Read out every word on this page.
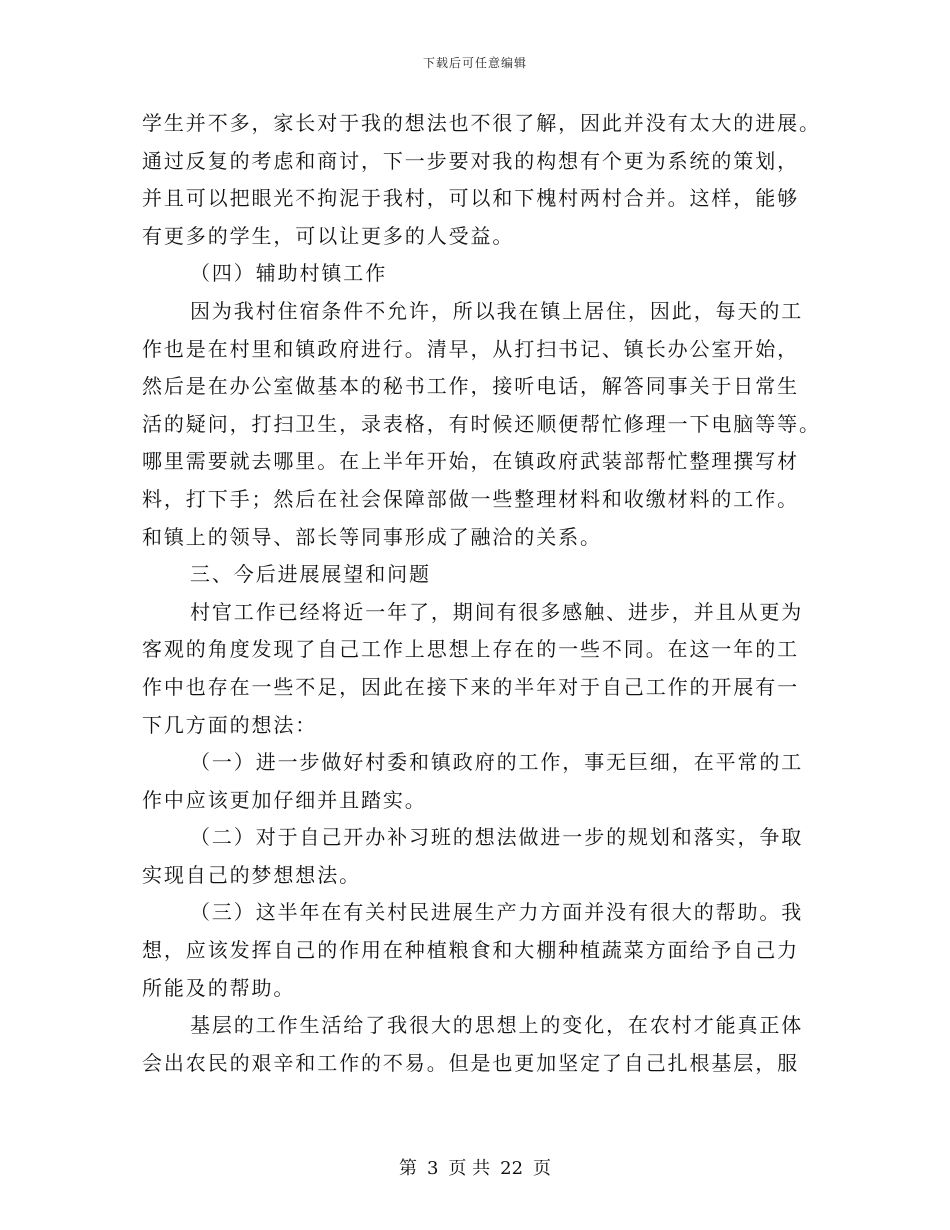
下载后可任意编辑
学生并不多，家长对于我的想法也不很了解，因此并没有太大的进展。
通过反复的考虑和商讨，下一步要对我的构想有个更为系统的策划，
并且可以把眼光不拘泥于我村，可以和下槐村两村合并。这样，能够
有更多的学生，可以让更多的人受益。
（四）辅助村镇工作
因为我村住宿条件不允许，所以我在镇上居住，因此，每天的工
作也是在村里和镇政府进行。清早，从打扫书记、镇长办公室开始，
然后是在办公室做基本的秘书工作，接听电话，解答同事关于日常生
活的疑问，打扫卫生，录表格，有时候还顺便帮忙修理一下电脑等等。
哪里需要就去哪里。在上半年开始，在镇政府武装部帮忙整理撰写材
料，打下手；然后在社会保障部做一些整理材料和收缴材料的工作。
和镇上的领导、部长等同事形成了融洽的关系。
三、今后进展展望和问题
村官工作已经将近一年了，期间有很多感触、进步，并且从更为
客观的角度发现了自己工作上思想上存在的一些不同。在这一年的工
作中也存在一些不足，因此在接下来的半年对于自己工作的开展有一
下几方面的想法：
（一）进一步做好村委和镇政府的工作，事无巨细，在平常的工
作中应该更加仔细并且踏实。
（二）对于自己开办补习班的想法做进一步的规划和落实，争取
实现自己的梦想想法。
（三）这半年在有关村民进展生产力方面并没有很大的帮助。我
想，应该发挥自己的作用在种植粮食和大棚种植蔬菜方面给予自己力
所能及的帮助。
基层的工作生活给了我很大的思想上的变化，在农村才能真正体
会出农民的艰辛和工作的不易。但是也更加坚定了自己扎根基层，服
第 3 页 共 22 页
